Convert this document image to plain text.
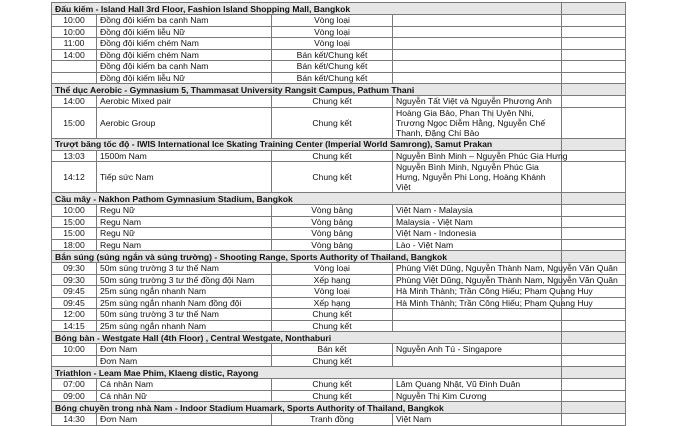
Đấu kiếm - Island Hall 3rd Floor, Fashion Island Shopping Mall, Bangkok				
10:00	Đồng đội kiếm ba cạnh Nam	Vòng loại		
10:00	Đồng đội kiếm liễu Nữ	Vòng loại		
11:00	Đồng đội kiếm chém Nam	Vòng loại		
14:00	Đồng đội kiếm chém Nam	Bán kết/Chung kết		
	Đồng đội kiếm ba cạnh Nam	Bán kết/Chung kết		
	Đồng đội kiếm liễu Nữ	Bán kết/Chung kết		
Thể dục Aerobic - Gymnasium 5, Thammasat University Rangsit Campus, Pathum Thani				
14:00	Aerobic Mixed pair	Chung kết	Nguyễn Tất Việt và Nguyễn Phương Anh	
15:00	Aerobic Group	Chung kết	Hoàng Gia Bảo, Phan Thị Uyên Nhi, Trương Ngọc Diễm Hằng, Nguyễn Chế Thanh, Đặng Chí Bảo	
Trượt băng tốc độ - IWIS International Ice Skating Training Center (Imperial World Samrong), Samut Prakan				
13:03	1500m Nam	Chung kết	Nguyễn Bình Minh – Nguyễn Phúc Gia Hưng	
14:12	Tiếp sức Nam	Chung kết	Nguyễn Bình Minh, Nguyễn Phúc Gia Hưng, Nguyễn Phi Long, Hoàng Khánh Việt	
Cầu mây - Nakhon Pathom Gymnasium Stadium, Bangkok				
10:00	Regu Nữ	Vòng bảng	Việt Nam - Malaysia	
15:00	Regu Nam	Vòng bảng	Malaysia - Việt Nam	
15:00	Regu Nữ	Vòng bảng	Việt Nam - Indonesia	
18:00	Regu Nam	Vòng bảng	Lào - Việt Nam	
Bắn súng (súng ngắn và súng trường) - Shooting Range, Sports Authority of Thailand, Bangkok				
09:30	50m súng trường 3 tư thế Nam	Vòng loại	Phùng Việt Dũng, Nguyễn Thành Nam, Nguyễn Văn Quân	
09:30	50m súng trường 3 tư thế đồng đội Nam	Xếp hạng	Phùng Việt Dũng, Nguyễn Thành Nam, Nguyễn Văn Quân	
09:45	25m súng ngắn nhanh Nam	Vòng loại	Hà Minh Thành; Trần Công Hiếu; Phạm Quang Huy	
09:45	25m súng ngắn nhanh Nam đồng đội	Xếp hạng	Hà Minh Thành; Trần Công Hiếu; Phạm Quang Huy	
12:00	50m súng trường 3 tư thế Nam	Chung kết		
14:15	25m súng ngắn nhanh Nam	Chung kết		
Bóng bàn - Westgate Hall (4th Floor) , Central Westgate, Nonthaburi				
10:00	Đơn Nam	Bán kết	Nguyễn Anh Tú - Singapore	
	Đơn Nam	Chung kết		
Triathlon - Leam Mae Phim, Klaeng distic, Rayong				
07:00	Cá nhân Nam	Chung kết	Lâm Quang Nhật, Vũ Đình Duân	
09:00	Cá nhân Nữ	Chung kết	Nguyễn Thị Kim Cương	
Bóng chuyền trong nhà Nam - Indoor Stadium Huamark, Sports Authority of Thailand, Bangkok				
14:30	Đơn Nam	Tranh đồng	Việt Nam	
